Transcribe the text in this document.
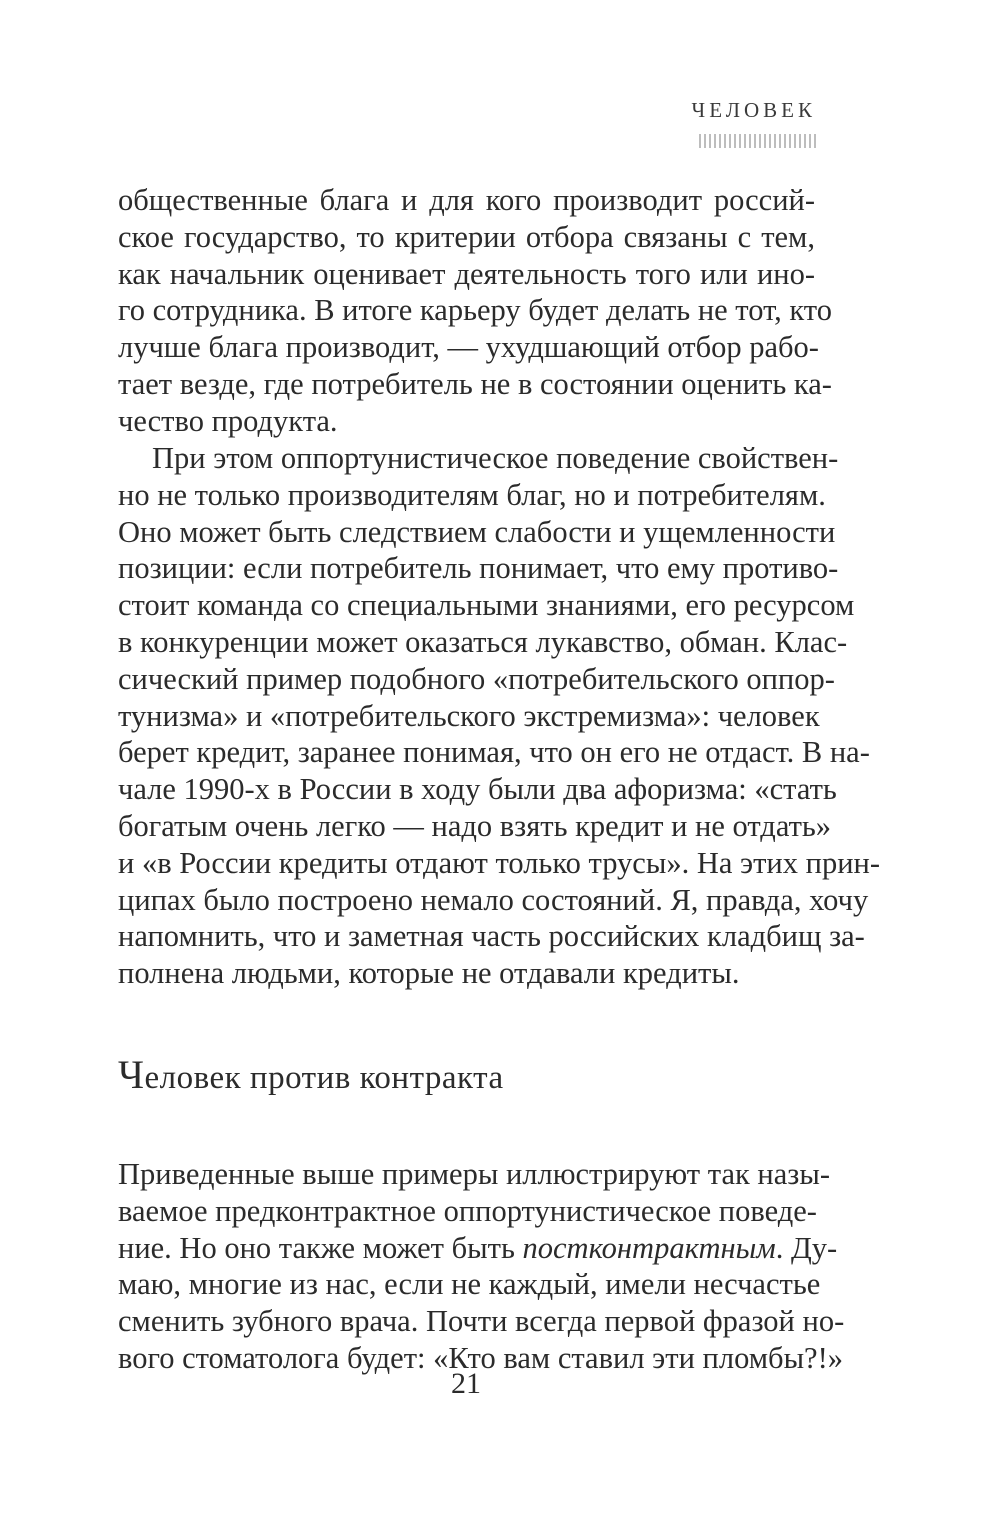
ЧЕЛОВЕК
общественные блага и для кого производит россий-
ское государство, то критерии отбора связаны с тем,
как начальник оценивает деятельность того или ино-
го сотрудника. В итоге карьеру будет делать не тот, кто
лучше блага производит, — ухудшающий отбор рабо-
тает везде, где потребитель не в состоянии оценить ка-
чество продукта.
При этом оппортунистическое поведение свойствен-
но не только производителям благ, но и потребителям.
Оно может быть следствием слабости и ущемленности
позиции: если потребитель понимает, что ему противо-
стоит команда со специальными знаниями, его ресурсом
в конкуренции может оказаться лукавство, обман. Клас-
сический пример подобного «потребительского оппор-
тунизма» и «потребительского экстремизма»: человек
берет кредит, заранее понимая, что он его не отдаст. В на-
чале 1990-х в России в ходу были два афоризма: «стать
богатым очень легко — надо взять кредит и не отдать»
и «в России кредиты отдают только трусы». На этих прин-
ципах было построено немало состояний. Я, правда, хочу
напомнить, что и заметная часть российских кладбищ за-
полнена людьми, которые не отдавали кредиты.
Человек против контракта
Приведенные выше примеры иллюстрируют так назы-
ваемое предконтрактное оппортунистическое поведе-
ние. Но оно также может быть постконтрактным. Ду-
маю, многие из нас, если не каждый, имели несчастье
сменить зубного врача. Почти всегда первой фразой но-
вого стоматолога будет: «Кто вам ставил эти пломбы?!»
21
